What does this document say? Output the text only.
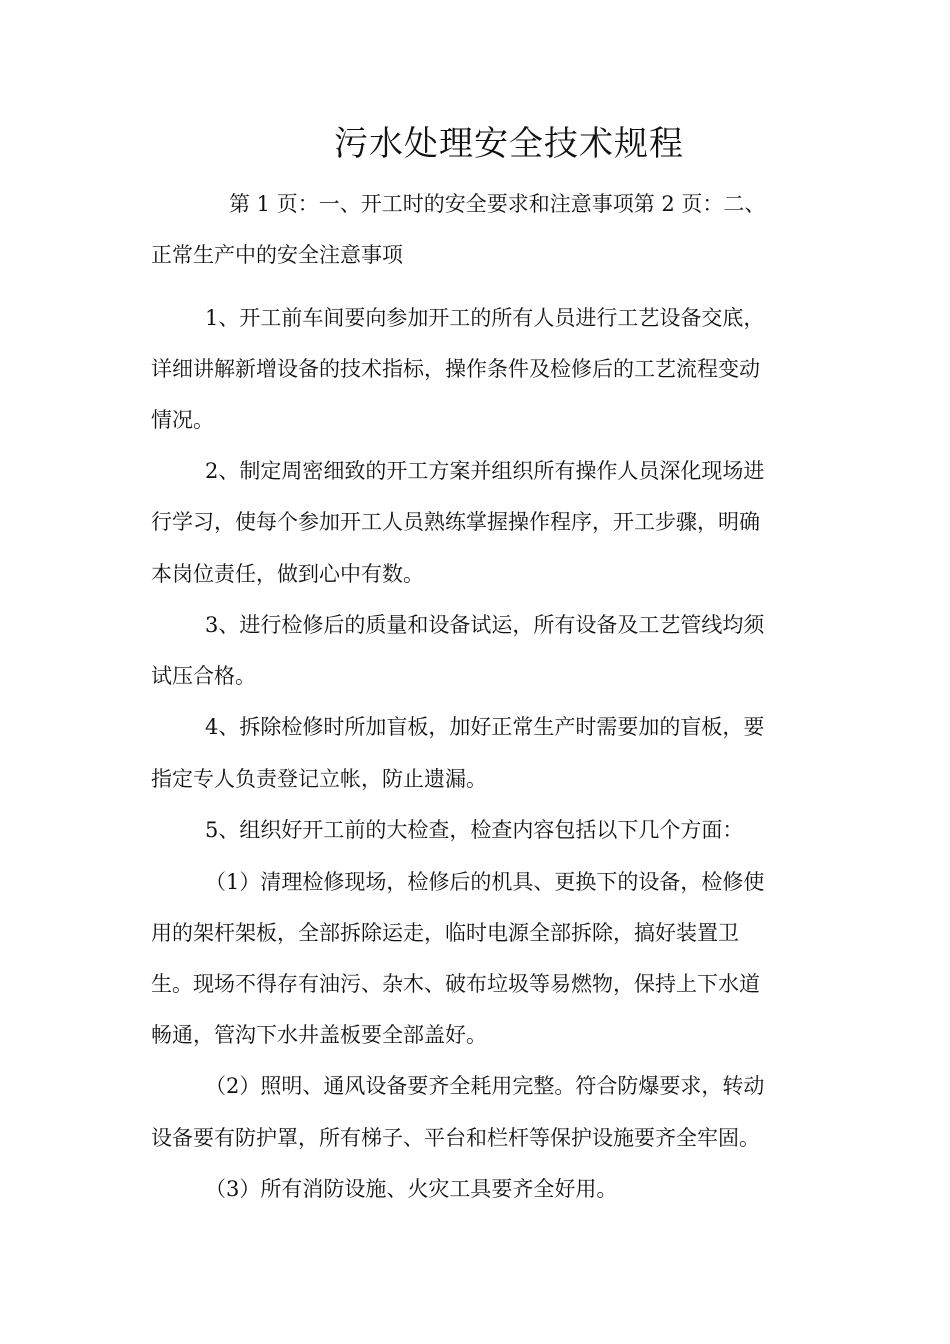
污水处理安全技术规程
第 1 页：一、开工时的安全要求和注意事项第 2 页：二、
正常生产中的安全注意事项
1、开工前车间要向参加开工的所有人员进行工艺设备交底，
详细讲解新增设备的技术指标，操作条件及检修后的工艺流程变动
情况。
2、制定周密细致的开工方案并组织所有操作人员深化现场进
行学习，使每个参加开工人员熟练掌握操作程序，开工步骤，明确
本岗位责任，做到心中有数。
3、进行检修后的质量和设备试运，所有设备及工艺管线均须
试压合格。
4、拆除检修时所加盲板，加好正常生产时需要加的盲板，要
指定专人负责登记立帐，防止遗漏。
5、组织好开工前的大检查，检查内容包括以下几个方面：
（1）清理检修现场，检修后的机具、更换下的设备，检修使
用的架杆架板，全部拆除运走，临时电源全部拆除，搞好装置卫
生。现场不得存有油污、杂木、破布垃圾等易燃物，保持上下水道
畅通，管沟下水井盖板要全部盖好。
（2）照明、通风设备要齐全耗用完整。符合防爆要求，转动
设备要有防护罩，所有梯子、平台和栏杆等保护设施要齐全牢固。
（3）所有消防设施、火灾工具要齐全好用。
